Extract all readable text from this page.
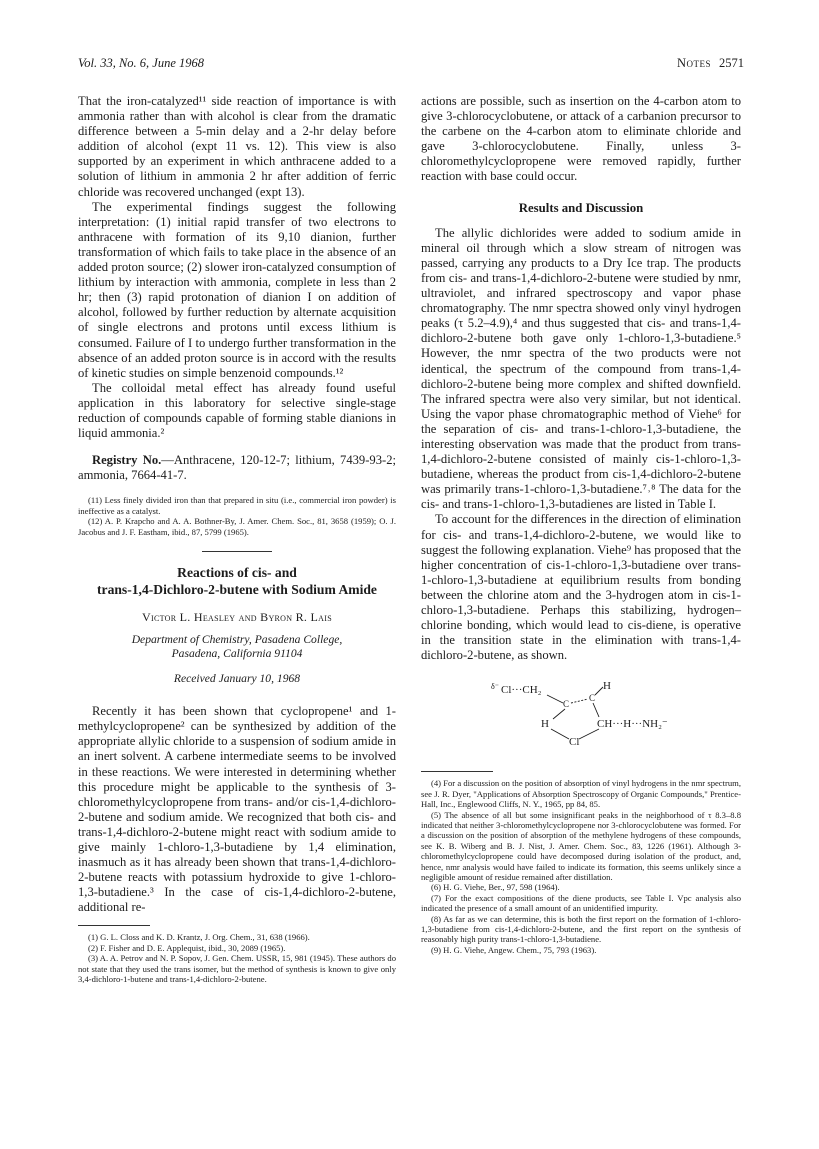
Vol. 33, No. 6, June 1968	Notes 2571

That the iron-catalyzed¹¹ side reaction of importance is with ammonia rather than with alcohol is clear from the dramatic difference between a 5-min delay and a 2-hr delay before addition of alcohol (expt 11 vs. 12). This view is also supported by an experiment in which anthracene added to a solution of lithium in ammonia 2 hr after addition of ferric chloride was recovered unchanged (expt 13).

The experimental findings suggest the following interpretation: (1) initial rapid transfer of two electrons to anthracene with formation of its 9,10 dianion, further transformation of which fails to take place in the absence of an added proton source; (2) slower iron-catalyzed consumption of lithium by interaction with ammonia, complete in less than 2 hr; then (3) rapid protonation of dianion I on addition of alcohol, followed by further reduction by alternate acquisition of single electrons and protons until excess lithium is consumed. Failure of I to undergo further transformation in the absence of an added proton source is in accord with the results of kinetic studies on simple benzenoid compounds.¹²

The colloidal metal effect has already found useful application in this laboratory for selective single-stage reduction of compounds capable of forming stable dianions in liquid ammonia.²

Registry No.—Anthracene, 120-12-7; lithium, 7439-93-2; ammonia, 7664-41-7.

(11) Less finely divided iron than that prepared in situ (i.e., commercial iron powder) is ineffective as a catalyst.
(12) A. P. Krapcho and A. A. Bothner-By, J. Amer. Chem. Soc., 81, 3658 (1959); O. J. Jacobus and J. F. Eastham, ibid., 87, 5799 (1965).
Reactions of cis- and
trans-1,4-Dichloro-2-butene with Sodium Amide
Victor L. Heasley and Byron R. Lais
Department of Chemistry, Pasadena College,
Pasadena, California 91104
Received January 10, 1968

Recently it has been shown that cyclopropene¹ and 1-methylcyclopropene² can be synthesized by addition of the appropriate allylic chloride to a suspension of sodium amide in an inert solvent. A carbene intermediate seems to be involved in these reactions. We were interested in determining whether this procedure might be applicable to the synthesis of 3-chloromethylcyclopropene from trans- and/or cis-1,4-dichloro-2-butene and sodium amide. We recognized that both cis- and trans-1,4-dichloro-2-butene might react with sodium amide to give mainly 1-chloro-1,3-butadiene by 1,4 elimination, inasmuch as it has already been shown that trans-1,4-dichloro-2-butene reacts with potassium hydroxide to give 1-chloro-1,3-butadiene.³ In the case of cis-1,4-dichloro-2-butene, additional re-

(1) G. L. Closs and K. D. Krantz, J. Org. Chem., 31, 638 (1966).
(2) F. Fisher and D. E. Applequist, ibid., 30, 2089 (1965).
(3) A. A. Petrov and N. P. Sopov, J. Gen. Chem. USSR, 15, 981 (1945). These authors do not state that they used the trans isomer, but the method of synthesis is known to give only 3,4-dichloro-1-butene and trans-1,4-dichloro-2-butene.

actions are possible, such as insertion on the 4-carbon atom to give 3-chlorocyclobutene, or attack of a carbanion precursor to the carbene on the 4-carbon atom to eliminate chloride and gave 3-chlorocyclobutene. Finally, unless 3-chloromethylcyclopropene were removed rapidly, further reaction with base could occur.

Results and Discussion

The allylic dichlorides were added to sodium amide in mineral oil through which a slow stream of nitrogen was passed, carrying any products to a Dry Ice trap. The products from cis- and trans-1,4-dichloro-2-butene were studied by nmr, ultraviolet, and infrared spectroscopy and vapor phase chromatography. The nmr spectra showed only vinyl hydrogen peaks (τ 5.2–4.9),⁴ and thus suggested that cis- and trans-1,4-dichloro-2-butene both gave only 1-chloro-1,3-butadiene.⁵ However, the nmr spectra of the two products were not identical, the spectrum of the compound from trans-1,4-dichloro-2-butene being more complex and shifted downfield. The infrared spectra were also very similar, but not identical. Using the vapor phase chromatographic method of Viehe⁶ for the separation of cis- and trans-1-chloro-1,3-butadiene, the interesting observation was made that the product from trans-1,4-dichloro-2-butene consisted of mainly cis-1-chloro-1,3-butadiene, whereas the product from cis-1,4-dichloro-2-butene was primarily trans-1-chloro-1,3-butadiene.⁷˒⁸ The data for the cis- and trans-1-chloro-1,3-butadienes are listed in Table I.

To account for the differences in the direction of elimination for cis- and trans-1,4-dichloro-2-butene, we would like to suggest the following explanation. Viehe⁹ has proposed that the higher concentration of cis-1-chloro-1,3-butadiene over trans-1-chloro-1,3-butadiene at equilibrium results from bonding between the chlorine atom and the 3-hydrogen atom in cis-1-chloro-1,3-butadiene. Perhaps this stabilizing, hydrogen–chlorine bonding, which would lead to cis-diene, is operative in the transition state in the elimination with trans-1,4-dichloro-2-butene, as shown.

δ⁻ Cl···CH₂
C
C
H
H	CH···H···NH₂⁻
Cl
(4) For a discussion on the position of absorption of vinyl hydrogens in the nmr spectrum, see J. R. Dyer, "Applications of Absorption Spectroscopy of Organic Compounds," Prentice-Hall, Inc., Englewood Cliffs, N. Y., 1965, pp 84, 85.
(5) The absence of all but some insignificant peaks in the neighborhood of τ 8.3–8.8 indicated that neither 3-chloromethylcyclopropene nor 3-chlorocyclobutene was formed. For a discussion on the position of absorption of the methylene hydrogens of these compounds, see K. B. Wiberg and B. J. Nist, J. Amer. Chem. Soc., 83, 1226 (1961). Although 3-chloromethylcyclopropene could have decomposed during isolation of the product, and, hence, nmr analysis would have failed to indicate its formation, this seems unlikely since a negligible amount of residue remained after distillation.
(6) H. G. Viehe, Ber., 97, 598 (1964).
(7) For the exact compositions of the diene products, see Table I. Vpc analysis also indicated the presence of a small amount of an unidentified impurity.
(8) As far as we can determine, this is both the first report on the formation of 1-chloro-1,3-butadiene from cis-1,4-dichloro-2-butene, and the first report on the synthesis of reasonably high purity trans-1-chloro-1,3-butadiene.
(9) H. G. Viehe, Angew. Chem., 75, 793 (1963).
